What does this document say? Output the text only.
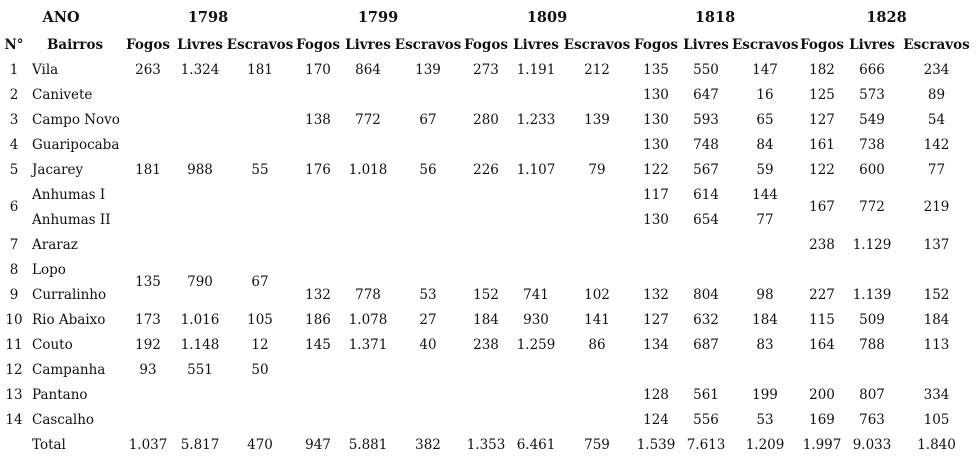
ANO		1798			1799			1809			1818			1828		
N°	Bairros	Fogos	Livres	Escravos	Fogos	Livres	Escravos	Fogos	Livres	Escravos	Fogos	Livres	Escravos	Fogos	Livres	Escravos
1	Vila	263	1.324	181	170	864	139	273	1.191	212	135	550	147	182	666	234
2	Canivete										130	647	16	125	573	89
3	Campo Novo				138	772	67	280	1.233	139	130	593	65	127	549	54
4	Guaripocaba										130	748	84	161	738	142
5	Jacarey	181	988	55	176	1.018	56	226	1.107	79	122	567	59	122	600	77
6	Anhumas I										117	614	144	167	772	219
	Anhumas II										130	654	77			
7	Araraz													238	1.129	137
8	Lopo	135	790	67												
9	Curralinho				132	778	53	152	741	102	132	804	98	227	1.139	152
10	Rio Abaixo	173	1.016	105	186	1.078	27	184	930	141	127	632	184	115	509	184
11	Couto	192	1.148	12	145	1.371	40	238	1.259	86	134	687	83	164	788	113
12	Campanha	93	551	50												
13	Pantano										128	561	199	200	807	334
14	Cascalho										124	556	53	169	763	105
	Total	1.037	5.817	470	947	5.881	382	1.353	6.461	759	1.539	7.613	1.209	1.997	9.033	1.840
